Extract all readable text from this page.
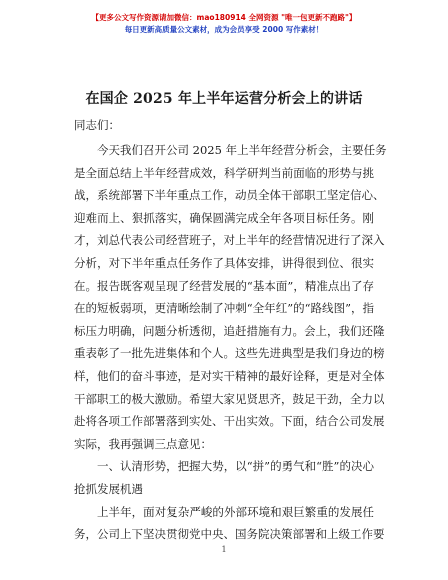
【更多公文写作资源请加微信：mao180914 全网资源 "唯一包更新不跑路"】
每日更新高质量公文素材，成为会员享受 2000 写作素材！
在国企 2025 年上半年运营分析会上的讲话
同志们：
今天我们召开公司 2025 年上半年经营分析会，主要任务
是全面总结上半年经营成效，科学研判当前面临的形势与挑
战，系统部署下半年重点工作，动员全体干部职工坚定信心、
迎难而上、狠抓落实，确保圆满完成全年各项目标任务。刚
才，刘总代表公司经营班子，对上半年的经营情况进行了深入
分析，对下半年重点任务作了具体安排，讲得很到位、很实
在。报告既客观呈现了经营发展的“基本面”，精准点出了存
在的短板弱项，更清晰绘制了冲刺“全年红”的“路线图”，指
标压力明确，问题分析透彻，追赶措施有力。会上，我们还隆
重表彰了一批先进集体和个人。这些先进典型是我们身边的榜
样，他们的奋斗事迹，是对实干精神的最好诠释，更是对全体
干部职工的极大激励。希望大家见贤思齐，鼓足干劲，全力以
赴将各项工作部署落到实处、干出实效。下面，结合公司发展
实际，我再强调三点意见：
一、认清形势，把握大势，以“拼”的勇气和“胜”的决心
抢抓发展机遇
上半年，面对复杂严峻的外部环境和艰巨繁重的发展任
务，公司上下坚决贯彻党中央、国务院决策部署和上级工作要
1
